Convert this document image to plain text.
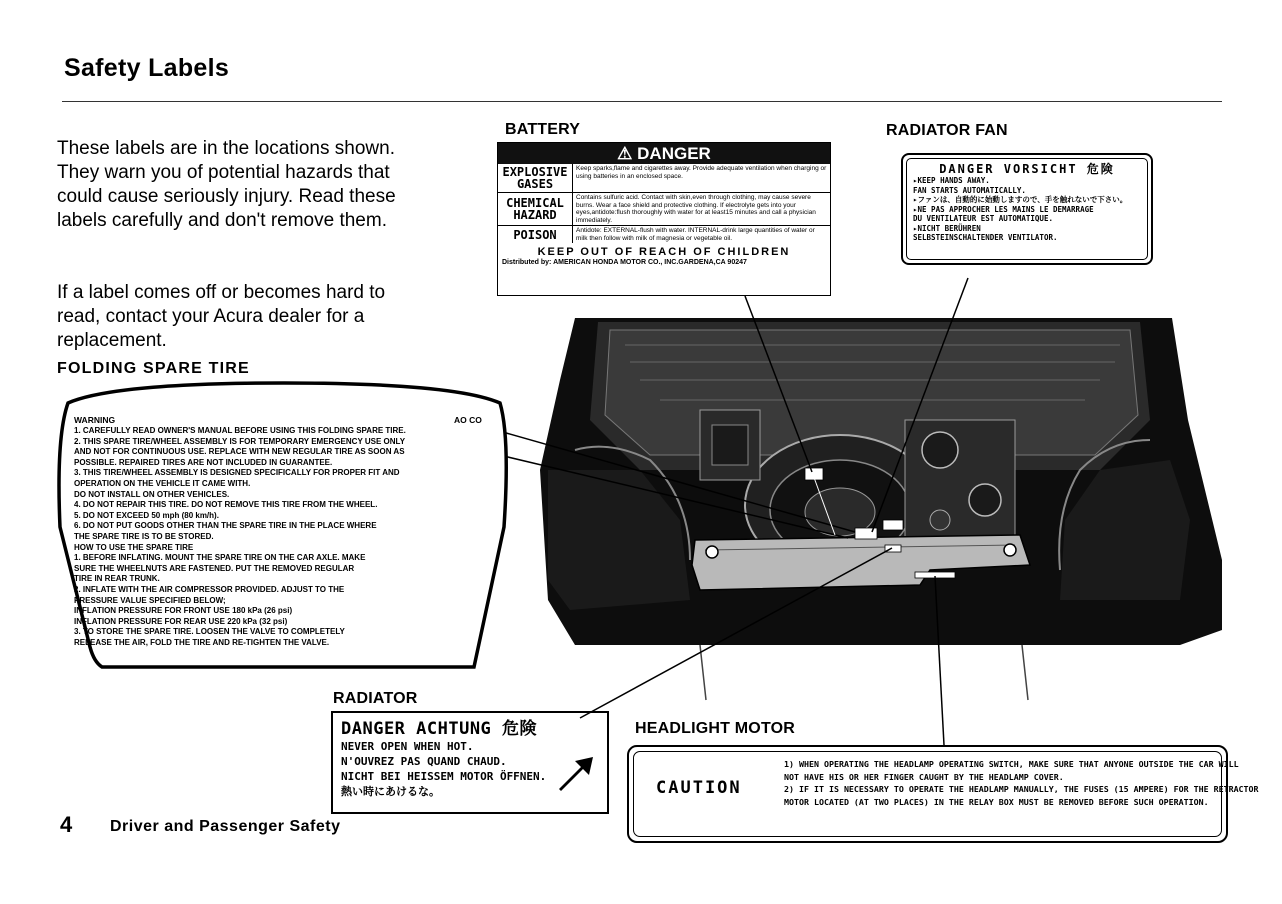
Safety Labels
These labels are in the locations shown. They warn you of potential hazards that could cause seriously injury. Read these labels carefully and don't remove them.
If a label comes off or becomes hard to read, contact your Acura dealer for a replacement.
FOLDING SPARE TIRE
BATTERY	RADIATOR FAN
RADIATOR
HEADLIGHT MOTOR
⚠ DANGER
EXPLOSIVE GASES
Keep sparks,flame and cigarettes away. Provide adequate ventilation when charging or using batteries in an enclosed space.
CHEMICAL HAZARD
Contains sulfuric acid. Contact with skin,even through clothing, may cause severe burns. Wear a face shield and protective clothing. If electrolyte gets into your eyes,antidote:flush thoroughly with water for at least15 minutes and call a physician immediately.
POISON	Antidote: EXTERNAL-flush with water. INTERNAL-drink large quantities of water or milk then follow with milk of magnesia or vegetable oil.
KEEP OUT OF REACH OF CHILDREN
Distributed by: AMERICAN HONDA MOTOR CO., INC.GARDENA,CA 90247
DANGER VORSICHT 危険
▸KEEP HANDS AWAY.
FAN STARTS AUTOMATICALLY.
▸ファンは、自動的に始動しますので、手を触れないで下さい。
▸NE PAS APPROCHER LES MAINS LE DEMARRAGE
DU VENTILATEUR EST AUTOMATIQUE.
▸NICHT BERÜHREN
SELBSTEINSCHALTENDER VENTILATOR.
WARNING	AO CO
1. CAREFULLY READ OWNER'S MANUAL BEFORE USING THIS FOLDING SPARE TIRE.
2. THIS SPARE TIRE/WHEEL ASSEMBLY IS FOR TEMPORARY EMERGENCY USE ONLY
AND NOT FOR CONTINUOUS USE. REPLACE WITH NEW REGULAR TIRE AS SOON AS
POSSIBLE. REPAIRED TIRES ARE NOT INCLUDED IN GUARANTEE.
3. THIS TIRE/WHEEL ASSEMBLY IS DESIGNED SPECIFICALLY FOR PROPER FIT AND
OPERATION ON THE VEHICLE IT CAME WITH.
DO NOT INSTALL ON OTHER VEHICLES.
4. DO NOT REPAIR THIS TIRE. DO NOT REMOVE THIS TIRE FROM THE WHEEL.
5. DO NOT EXCEED 50 mph (80 km/h).
6. DO NOT PUT GOODS OTHER THAN THE SPARE TIRE IN THE PLACE WHERE
THE SPARE TIRE IS TO BE STORED.
HOW TO USE THE SPARE TIRE
1. BEFORE INFLATING. MOUNT THE SPARE TIRE ON THE CAR AXLE. MAKE
SURE THE WHEELNUTS ARE FASTENED. PUT THE REMOVED REGULAR
TIRE IN REAR TRUNK.
2. INFLATE WITH THE AIR COMPRESSOR PROVIDED. ADJUST TO THE
PRESSURE VALUE SPECIFIED BELOW;
INFLATION PRESSURE FOR FRONT USE 180 kPa (26 psi)
INFLATION PRESSURE FOR REAR USE 220 kPa (32 psi)
3. TO STORE THE SPARE TIRE. LOOSEN THE VALVE TO COMPLETELY
RELEASE THE AIR, FOLD THE TIRE AND RE-TIGHTEN THE VALVE.
DANGER ACHTUNG 危険
NEVER OPEN WHEN HOT.
N'OUVREZ PAS QUAND CHAUD.
NICHT BEI HEISSEM MOTOR ÖFFNEN.
熱い時にあけるな。	CAUTION
1) WHEN OPERATING THE HEADLAMP OPERATING SWITCH, MAKE SURE THAT ANYONE OUTSIDE THE CAR WILL
NOT HAVE HIS OR HER FINGER CAUGHT BY THE HEADLAMP COVER.
2) IF IT IS NECESSARY TO OPERATE THE HEADLAMP MANUALLY, THE FUSES (15 AMPERE) FOR THE RETRACTOR
MOTOR LOCATED (AT TWO PLACES) IN THE RELAY BOX MUST BE REMOVED BEFORE SUCH OPERATION.
4 Driver and Passenger Safety
